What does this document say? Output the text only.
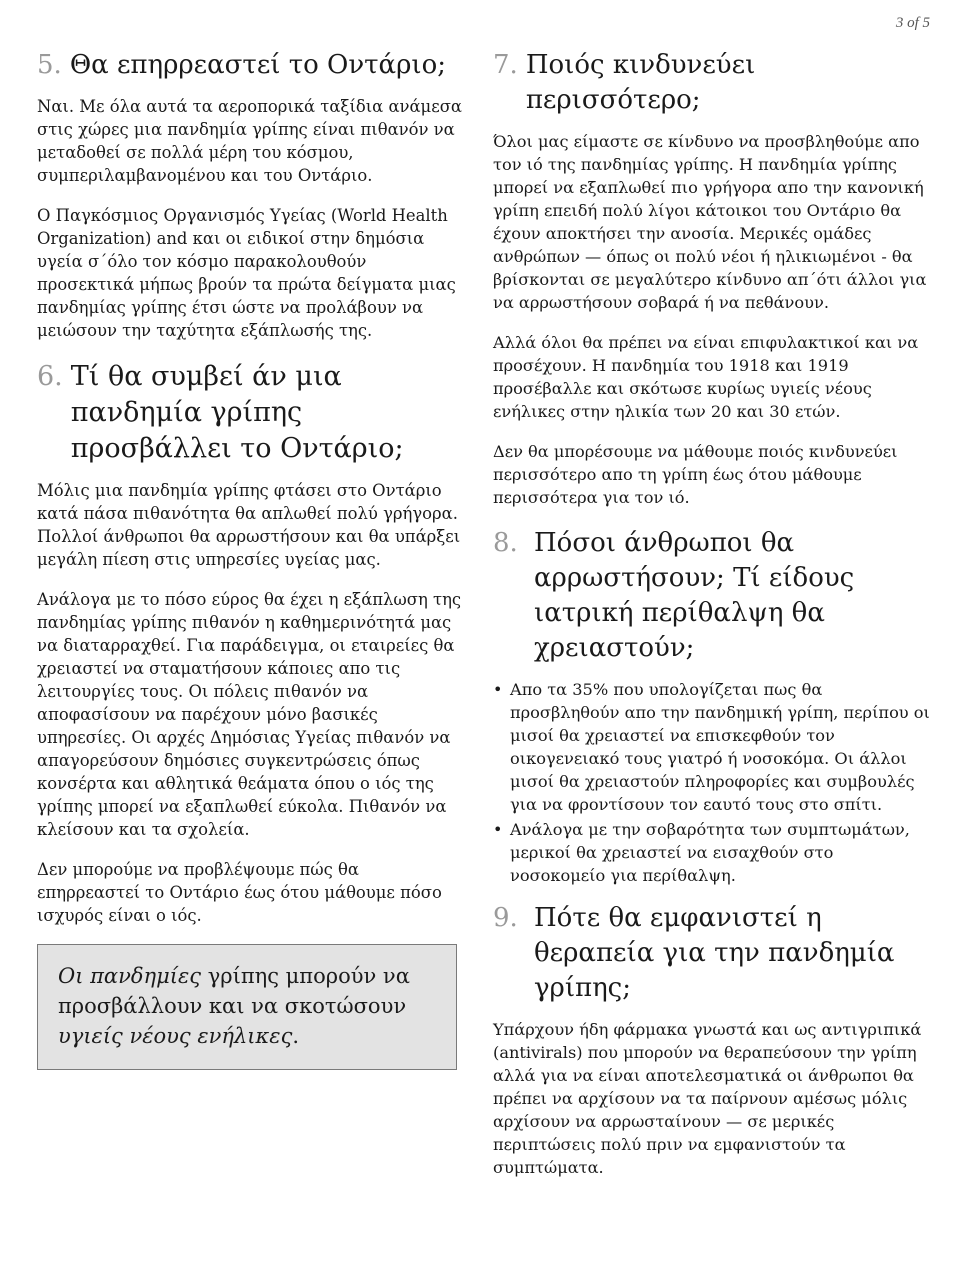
3 of 5
5. Θα επηρρεαστεί το Οντάριο;

Ναι. Με όλα αυτά τα αεροπορικά ταξίδια ανάμεσα στις χώρες μια πανδημία γρίπης είναι πιθανόν να μεταδοθεί σε πολλά μέρη του κόσμου, συμπεριλαμβανομένου και του Οντάριο.

Ο Παγκόσμιος Οργανισμός Υγείας (World Health Organization) and και οι ειδικοί στην δημόσια υγεία σ΄όλο τον κόσμο παρακολουθούν προσεκτικά μήπως βρούν τα πρώτα δείγματα μιας πανδημίας γρίπης έτσι ώστε να προλάβουν να μειώσουν την ταχύτητα εξάπλωσής της.

6. Τί θα συμβεί άν μια πανδημία γρίπης προσβάλλει το Οντάριο;

Μόλις μια πανδημία γρίπης φτάσει στο Οντάριο κατά πάσα πιθανότητα θα απλωθεί πολύ γρήγορα. Πολλοί άνθρωποι θα αρρωστήσουν και θα υπάρξει μεγάλη πίεση στις υπηρεσίες υγείας μας.

Ανάλογα με το πόσο εύρος θα έχει η εξάπλωση της πανδημίας γρίπης πιθανόν η καθημερινότητά μας να διαταρραχθεί. Για παράδειγμα, οι εταιρείες θα χρειαστεί να σταματήσουν κάποιες απο τις λειτουργίες τους. Οι πόλεις πιθανόν να αποφασίσουν να παρέχουν μόνο βασικές υπηρεσίες. Οι αρχές Δημόσιας Υγείας πιθανόν να απαγορεύσουν δημόσιες συγκεντρώσεις όπως κονσέρτα και αθλητικά θεάματα όπου ο ιός της γρίπης μπορεί να εξαπλωθεί εύκολα. Πιθανόν να κλείσουν και τα σχολεία.

Δεν μπορούμε να προβλέψουμε πώς θα επηρρεαστεί το Οντάριο έως ότου μάθουμε πόσο ισχυρός είναι ο ιός.

Οι πανδημίες γρίπης μπορούν να προσβάλλουν και να σκοτώσουν υγιείς νέους ενήλικες.
7. Ποιός κινδυνεύει περισσότερο;

Όλοι μας είμαστε σε κίνδυνο να προσβληθούμε απο τον ιό της πανδημίας γρίπης. Η πανδημία γρίπης μπορεί να εξαπλωθεί πιο γρήγορα απο την κανονική γρίπη επειδή πολύ λίγοι κάτοικοι του Οντάριο θα έχουν αποκτήσει την ανοσία. Μερικές ομάδες ανθρώπων — όπως οι πολύ νέοι ή ηλικιωμένοι - θα βρίσκονται σε μεγαλύτερο κίνδυνο απ΄ότι άλλοι για να αρρωστήσουν σοβαρά ή να πεθάνουν.

Αλλά όλοι θα πρέπει να είναι επιφυλακτικοί και να προσέχουν. Η πανδημία του 1918 και 1919 προσέβαλλε και σκότωσε κυρίως υγιείς νέους ενήλικες στην ηλικία των 20 και 30 ετών.

Δεν θα μπορέσουμε να μάθουμε ποιός κινδυνεύει περισσότερο απο τη γρίπη έως ότου μάθουμε περισσότερα για τον ιό.

8. Πόσοι άνθρωποι θα αρρωστήσουν; Τί είδους ιατρική περίθαλψη θα χρειαστούν;
• Απο τα 35% που υπολογίζεται πως θα προσβληθούν απο την πανδημική γρίπη, περίπου οι μισοί θα χρειαστεί να επισκεφθούν τον οικογενειακό τους γιατρό ή νοσοκόμα. Οι άλλοι μισοί θα χρειαστούν πληροφορίες και συμβουλές για να φροντίσουν τον εαυτό τους στο σπίτι.
• Ανάλογα με την σοβαρότητα των συμπτωμάτων, μερικοί θα χρειαστεί να εισαχθούν στο νοσοκομείο για περίθαλψη.
9. Πότε θα εμφανιστεί η θεραπεία για την πανδημία γρίπης;

Υπάρχουν ήδη φάρμακα γνωστά και ως αντιγριπικά (antivirals) που μπορούν να θεραπεύσουν την γρίπη αλλά για να είναι αποτελεσματικά οι άνθρωποι θα πρέπει να αρχίσουν να τα παίρνουν αμέσως μόλις αρχίσουν να αρρωσταίνουν — σε μερικές περιπτώσεις πολύ πριν να εμφανιστούν τα συμπτώματα.
